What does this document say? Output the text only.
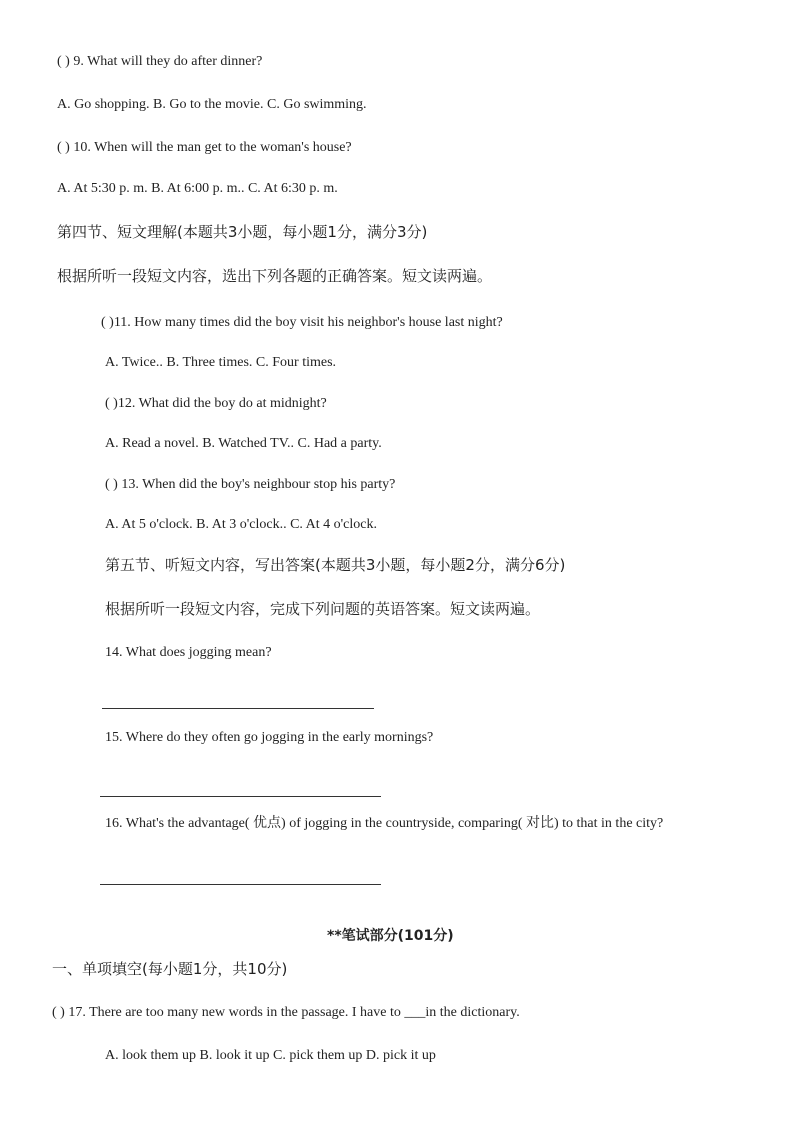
( ) 9. What will they do after dinner?
A. Go shopping. B. Go to the movie. C. Go swimming.
( ) 10. When will the man get to the woman's house?
A. At 5:30 p. m. B. At 6:00 p. m.. C. At 6:30 p. m.
第四节、短文理解(本题共3小题，每小题1分，满分3分)
根据所听一段短文内容，选出下列各题的正确答案。短文读两遍。
( )11. How many times did the boy visit his neighbor's house last night?
A. Twice.. B. Three times. C. Four times.
( )12. What did the boy do at midnight?
A. Read a novel. B. Watched TV.. C. Had a party.
( ) 13. When did the boy's neighbour stop his party?
A. At 5 o'clock. B. At 3 o'clock.. C. At 4 o'clock.
第五节、听短文内容，写出答案(本题共3小题，每小题2分，满分6分)
根据所听一段短文内容，完成下列问题的英语答案。短文读两遍。
14. What does jogging mean?
15. Where do they often go jogging in the early mornings?
16. What's the advantage( 优点) of jogging in the countryside, comparing( 对比) to that in the city?
**笔试部分(101分)
一、单项填空(每小题1分，共10分)
( ) 17. There are too many new words in the passage. I have to ___in the dictionary.
A. look them up B. look it up C. pick them up D. pick it up
